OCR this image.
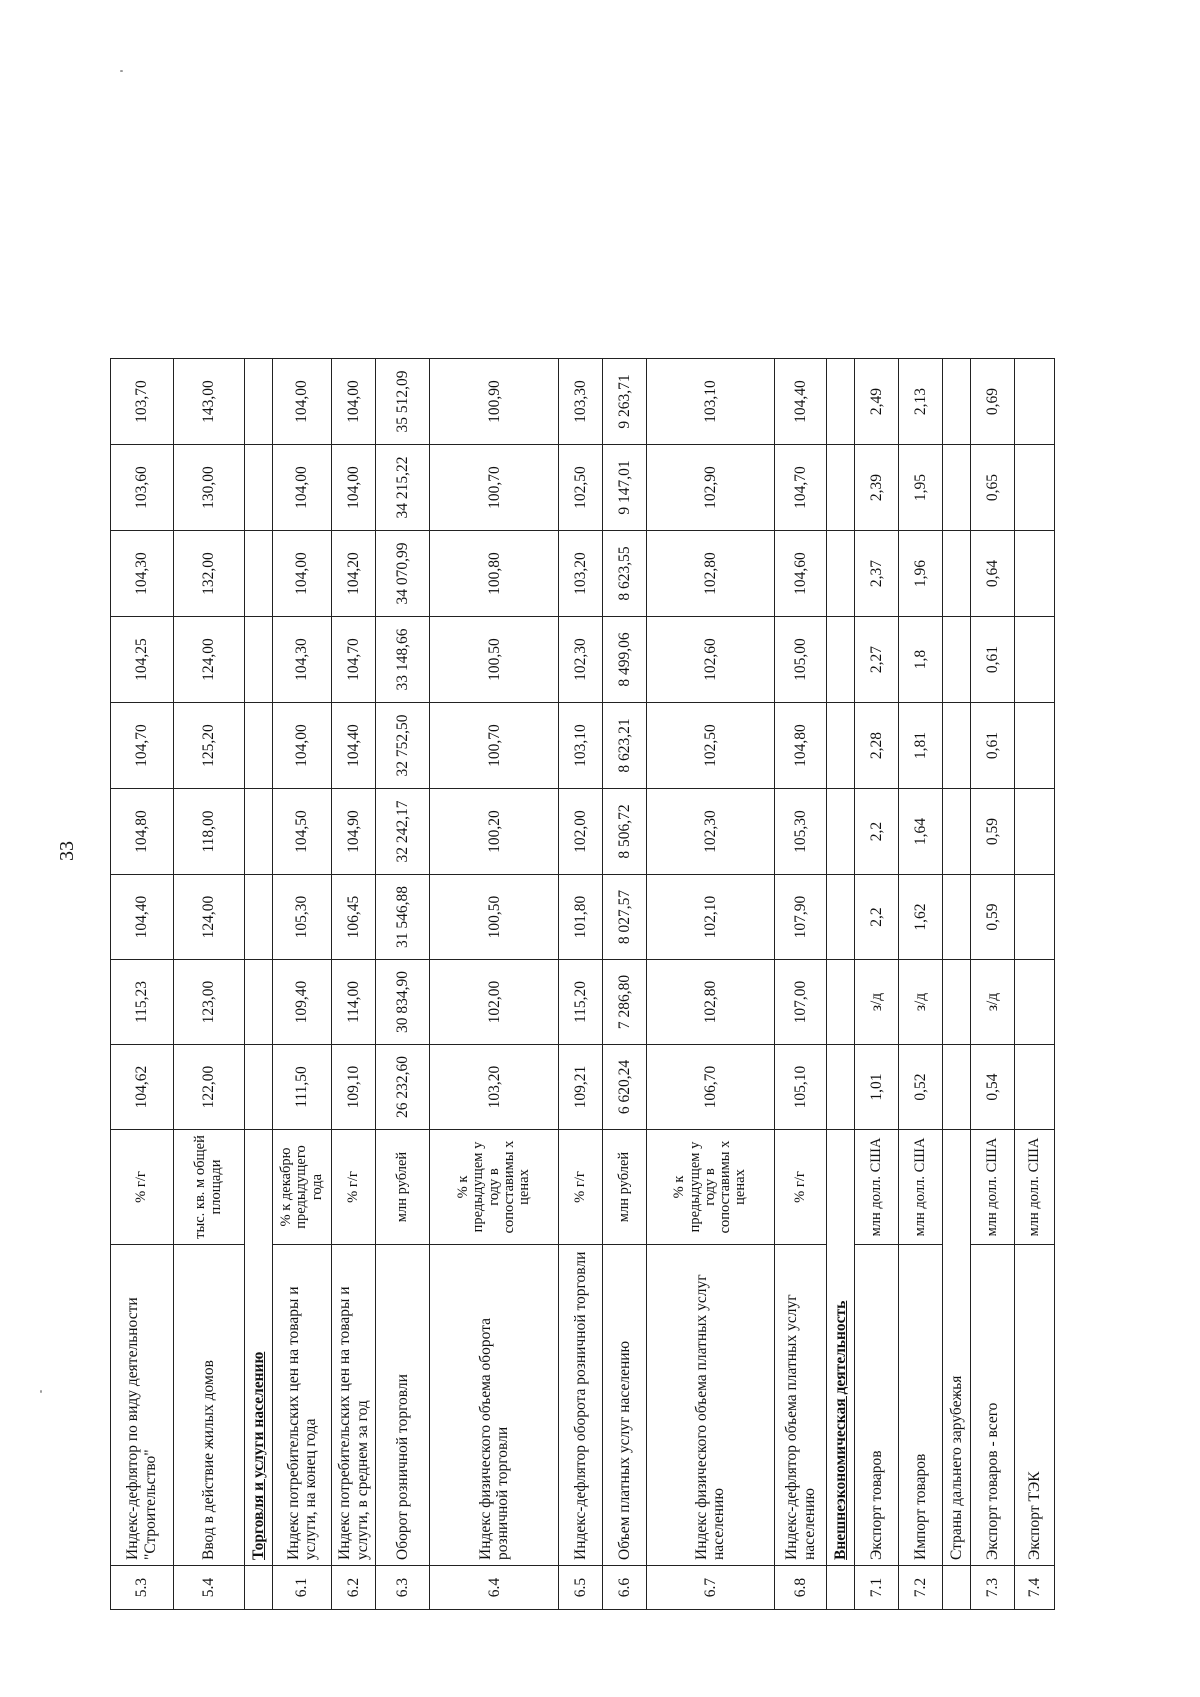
33
5.3	Индекс-дефлятор по виду деятельности "Строительство"	% г/г	104,62	115,23	104,40	104,80	104,70	104,25	104,30	103,60	103,70
5.4	Ввод в действие жилых домов	тыс. кв. м общей площади	122,00	123,00	124,00	118,00	125,20	124,00	132,00	130,00	143,00
	Торговля и услуги населению										
6.1	Индекс потребительских цен на товары и услуги, на конец года	% к декабрю предыдущего года	111,50	109,40	105,30	104,50	104,00	104,30	104,00	104,00	104,00
6.2	Индекс потребительских цен на товары и услуги, в среднем за год	% г/г	109,10	114,00	106,45	104,90	104,40	104,70	104,20	104,00	104,00
6.3	Оборот розничной торговли	млн рублей	26 232,60	30 834,90	31 546,88	32 242,17	32 752,50	33 148,66	34 070,99	34 215,22	35 512,09
6.4	Индекс физического объема оборота розничной торговли	% к предыдущем у году в сопоставимы х ценах	103,20	102,00	100,50	100,20	100,70	100,50	100,80	100,70	100,90
6.5	Индекс-дефлятор оборота розничной торговли	% г/г	109,21	115,20	101,80	102,00	103,10	102,30	103,20	102,50	103,30
6.6	Объем платных услуг населению	млн рублей	6 620,24	7 286,80	8 027,57	8 506,72	8 623,21	8 499,06	8 623,55	9 147,01	9 263,71
6.7	Индекс физического объема платных услуг населению	% к предыдущем у году в сопоставимы х ценах	106,70	102,80	102,10	102,30	102,50	102,60	102,80	102,90	103,10
6.8	Индекс-дефлятор объема платных услуг населению	% г/г	105,10	107,00	107,90	105,30	104,80	105,00	104,60	104,70	104,40
	Внешнеэкономическая деятельность										
7.1	Экспорт товаров	млн долл. США	1,01	з/д	2,2	2,2	2,28	2,27	2,37	2,39	2,49
7.2	Импорт товаров	млн долл. США	0,52	з/д	1,62	1,64	1,81	1,8	1,96	1,95	2,13
	Страны дальнего зарубежья										
7.3	Экспорт товаров - всего	млн долл. США	0,54	з/д	0,59	0,59	0,61	0,61	0,64	0,65	0,69
7.4	Экспорт ТЭК	млн долл. США									
